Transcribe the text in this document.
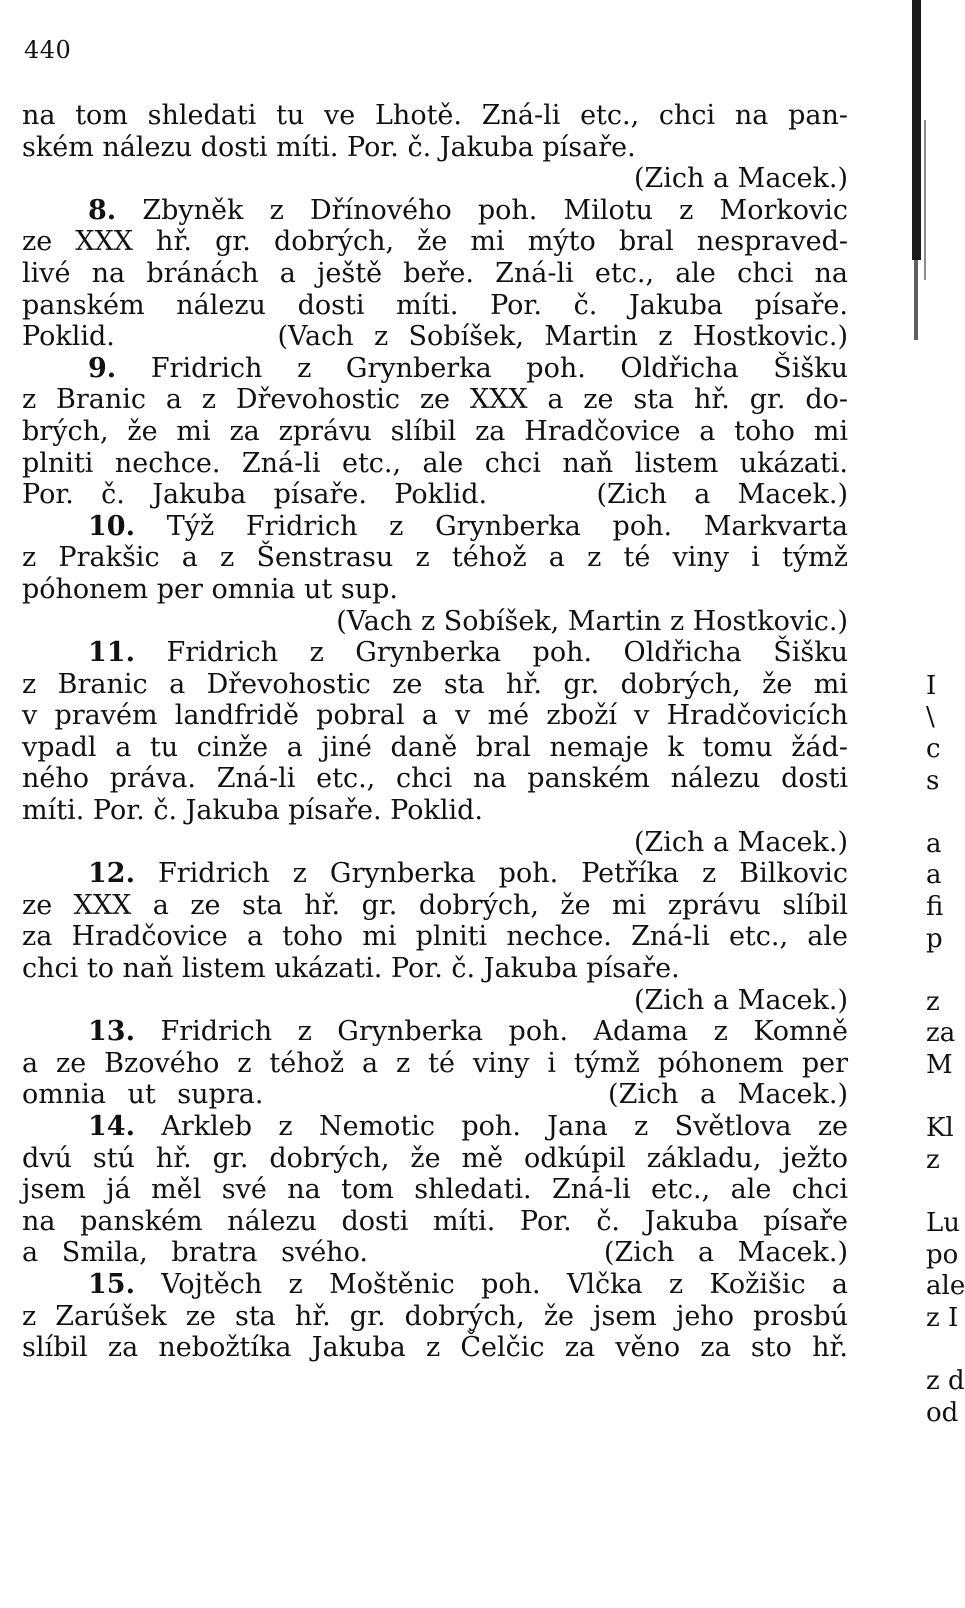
440
na tom shledati tu ve Lhotě. Zná-li etc., chci na pan-
ském nálezu dosti míti. Por. č. Jakuba písaře.
(Zich a Macek.)
8. Zbyněk z Dřínového poh. Milotu z Morkovic
ze XXX hř. gr. dobrých, že mi mýto bral nespraved-
livé na bránách a ještě beře. Zná-li etc., ale chci na
panském nálezu dosti míti. Por. č. Jakuba písaře.
Poklid.        (Vach z Sobíšek, Martin z Hostkovic.)
9. Fridrich z Grynberka poh. Oldřicha Šišku
z Branic a z Dřevohostic ze XXX a ze sta hř. gr. do-
brých, že mi za zprávu slíbil za Hradčovice a toho mi
plniti nechce. Zná-li etc., ale chci naň listem ukázati.
Por. č. Jakuba písaře. Poklid.    (Zich a Macek.)
10. Týž Fridrich z Grynberka poh. Markvarta
z Prakšic a z Šenstrasu z téhož a z té viny i týmž
póhonem per omnia ut sup.
(Vach z Sobíšek, Martin z Hostkovic.)
11. Fridrich z Grynberka poh. Oldřicha Šišku
z Branic a Dřevohostic ze sta hř. gr. dobrých, že mi
v pravém landfridě pobral a v mé zboží v Hradčovicích
vpadl a tu cinže a jiné daně bral nemaje k tomu žád-
ného práva. Zná-li etc., chci na panském nálezu dosti
míti. Por. č. Jakuba písaře. Poklid.
(Zich a Macek.)
12. Fridrich z Grynberka poh. Petříka z Bilkovic
ze XXX a ze sta hř. gr. dobrých, že mi zprávu slíbil
za Hradčovice a toho mi plniti nechce. Zná-li etc., ale
chci to naň listem ukázati. Por. č. Jakuba písaře.
(Zich a Macek.)
13. Fridrich z Grynberka poh. Adama z Komně
a ze Bzového z téhož a z té viny i týmž póhonem per
omnia ut supra.                (Zich a Macek.)
14. Arkleb z Nemotic poh. Jana z Světlova ze
dvú stú hř. gr. dobrých, že mě odkúpil základu, ježto
jsem já měl své na tom shledati. Zná-li etc., ale chci
na panském nálezu dosti míti. Por. č. Jakuba písaře
a Smila, bratra svého.          (Zich a Macek.)
15. Vojtěch z Moštěnic poh. Vlčka z Kožišic a
z Zarúšek ze sta hř. gr. dobrých, že jsem jeho prosbú
slíbil za nebožtíka Jakuba z Čelčic za věno za sto hř.
I
\
c
s
a
a
fi
p
z
za
M
Kl
z
Lu
po
ale
z I
z d
od
